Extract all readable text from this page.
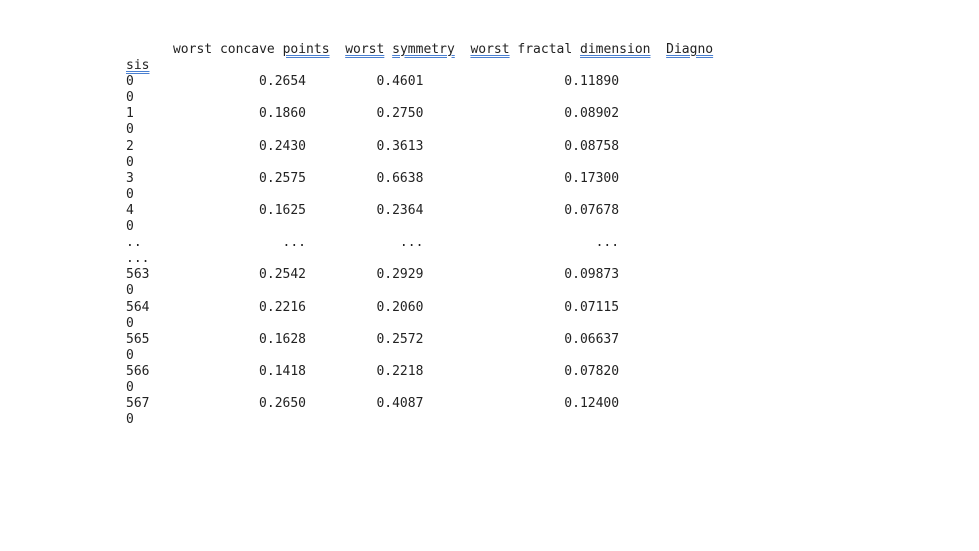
worst concave points worst symmetry worst fractal dimension Diagno
sis
0                0.2654         0.4601                  0.11890
0
1                0.1860         0.2750                  0.08902
0
2                0.2430         0.3613                  0.08758
0
3                0.2575         0.6638                  0.17300
0
4                0.1625         0.2364                  0.07678
0
..                  ...            ...                      ...
...
563              0.2542         0.2929                  0.09873
0
564              0.2216         0.2060                  0.07115
0
565              0.1628         0.2572                  0.06637
0
566              0.1418         0.2218                  0.07820
0
567              0.2650         0.4087                  0.12400
0
